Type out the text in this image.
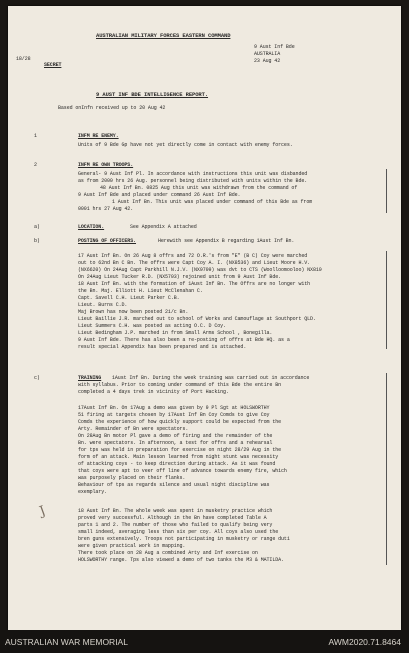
AUSTRALIAN MILITARY FORCES EASTERN COMMAND
18/28
SECRET
9 Aust Inf Bde
AUSTRALIA
23 Aug 42
9 AUST INF BDE INTELLIGENCE REPORT.
Based onInfn received up to 20 Aug 42
1	INFM RE ENEMY.
Units of 9 Bde Gp have not yet directly come in contact with enemy forces.
2	INFM RE OWN TROOPS.
General- 9 Aust Inf Pl. In accordance with instructions this unit was disbanded
as from 2000 hrs 26 Aug. personnel being distributed with units within the Bde.
48 Aust Inf Bn. 0825 Aug this unit was withdrawn from the command of
9 Aust Inf Bde and placed under command 26 Aust Inf Bde.
1 Aust Inf Bn. This unit was placed under command of this Bde as from
0001 hrs 27 Aug 42.
a)	LOCATION.	See Appendix A attached
b)	POSTING OF OFFICERS.	Herewith see Appendix B regarding 1Aust Inf Bn.
17 Aust Inf Bn. On 26 Aug 8 offrs and 72 O.R.'s from "E" (B C) Coy were marched
out to 62nd Bn C Bn. The offrs were Capt Coy A. I. (NX8536) and Lieut Moore H.V.
(NX6620) On 24Aug Capt Parkhill N.J.V. (NX9709) was dvt to CTS (Woolloomooloo) NX810
On 24Aug Lieut Tucker R.D. (NX5703) rejoined unit from 9 Aust Inf Bde.
18 Aust Inf Bn. with the formation of 1Aust Inf Bn. The Offrs are no longer with
the Bn. Maj. Elliott H. Lieut McClenahan C.
Capt. Savell C.H. Lieut Parker C.B.
Lieut. Burns C.D.
Maj Brown has now been posted 2i/c Bn.
Lieut Baillie J.R. marched out to school of Works and Camouflage at Southport QLD.
Lieut Summers C.H. was posted as acting O.C. D Coy.
Lieut Bedingham J.P. marched in from Small Arms School , Bonegilla.
9 Aust Inf Bde. There has also been a re-posting of offrs at Bde HQ. as a
result special Appendix has been prepared and is attached.
c)	TRAINING 1Aust Inf Bn. During the week training was carried out in accordance
with syllabus. Prior to coming under command of this Bde the entire Bn
completed a 4 days trek in vicinity of Port Hacking.
17Aust Inf Bn. On 17Aug a demo was given by 9 Pl Sgt at HOLSWORTHY
51 firing at targets chosen by 17Aust Inf Bn Coy Comds to give Coy
Comds the experience of how quickly support could be expected from the
Arty. Remainder of Bn were spectators.
On 28Aug Bn motor Pl gave a demo of firing and the remainder of the
Bn. were spectators. In afternoon, a test for offrs and a rehearsal
for tps was held in preparation for exercise on night 28/29 Aug in the
form of an attack. Main lesson learned from night stunt was necessity
of attacking coys - to keep direction during attack. As it was found
that coys were apt to veer off line of advance towards enemy fire, which
was purposely placed on their flanks.
Behaviour of tps as regards silence and usual night discipline was
exemplary.
18 Aust Inf Bn. The whole week was spent in musketry practice which
proved very successful. Although in the Bn have completed Table A
parts 1 and 2. The number of those who failed to qualify being very
small indeed, averaging less than six per coy. All coys also used the
bren guns extensively. Troops not participating in musketry or range duti
were given practical work in mapping.
There took place on 28 Aug a combined Arty and Inf exercise on
HOLSWORTHY range. Tps also viewed a demo of two tanks the M3 & MATILDA.
J
AUSTRALIAN WAR MEMORIAL	AWM2020.71.8464
